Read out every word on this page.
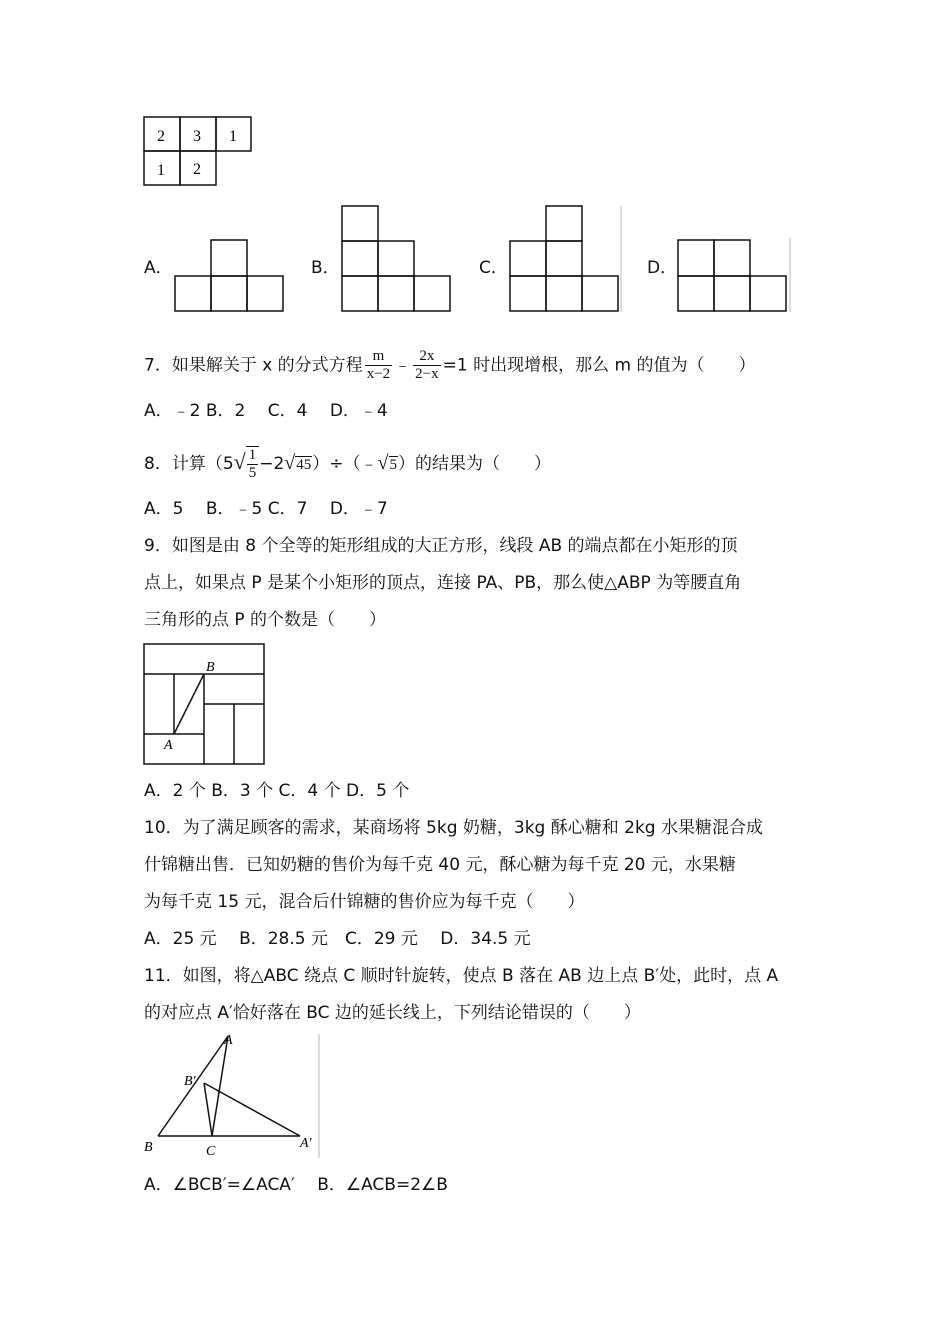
2 3 1
1 2
A．	B．	C．	D．
7．如果解关于 x 的分式方程 $\frac{m}{x-2}$ ﹣ $\frac{2x}{2-x} =1$ 时出现增根，那么 m 的值为（　　）
A．﹣2 B．2　 C．4　 D．﹣4
8．计算（$5√ \frac{1}{5}$ −2√45）÷（﹣√5）的结果为（　　）
A．5　 B．﹣5 C．7　 D．﹣7
9．如图是由 8 个全等的矩形组成的大正方形，线段 AB 的端点都在小矩形的顶
点上，如果点 P 是某个小矩形的顶点，连接 PA、PB，那么使△ABP 为等腰直角
三角形的点 P 的个数是（　　）
B
A
A．2 个 B．3 个 C．4 个 D．5 个
10．为了满足顾客的需求，某商场将 5kg 奶糖，3kg 酥心糖和 2kg 水果糖混合成
什锦糖出售．已知奶糖的售价为每千克 40 元，酥心糖为每千克 20 元，水果糖
为每千克 15 元，混合后什锦糖的售价应为每千克（　　）
A．25 元　 B．28.5 元　C．29 元　 D．34.5 元
11．如图，将△ABC 绕点 C 顺时针旋转，使点 B 落在 AB 边上点 B′处，此时，点 A
的对应点 A′恰好落在 BC 边的延长线上，下列结论错误的（　　）
A
B′
B	C
A′
A．∠BCB′=∠ACA′　 B．∠ACB=2∠B
